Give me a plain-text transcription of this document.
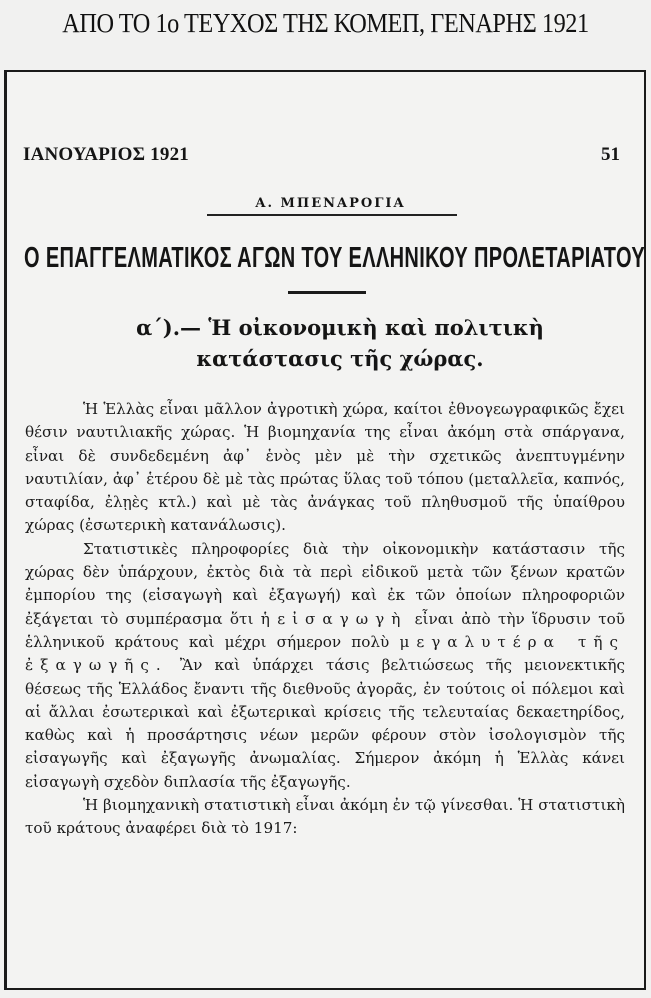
ΑΠΟ ΤΟ 1ο ΤΕΥΧΟΣ ΤΗΣ ΚΟΜΕΠ, ΓΕΝΑΡΗΣ 1921
ΙΑΝΟΥΑΡΙΟΣ 1921	51
Α. ΜΠΕΝΑΡΟΓΙΑ
Ο ΕΠΑΓΓΕΛΜΑΤΙΚΟΣ ΑΓΩΝ ΤΟΥ ΕΛΛΗΝΙΚΟΥ ΠΡΟΛΕΤΑΡΙΑΤΟΥ
α΄).— Ἡ οἰκονομικὴ καὶ πολιτικὴ
κατάστασις τῆς χώρας.

Ἡ Ἑλλὰς εἶναι μᾶλλον ἀγροτικὴ χώρα, καίτοι ἐθνογεωγραφικῶς ἔχει θέσιν ναυτιλιακῆς χώρας. Ἡ βιομηχανία της εἶναι ἀκόμη στὰ σπάργανα, εἶναι δὲ συνδεδεμένη ἀφ᾽ ἑνὸς μὲν μὲ τὴν σχετικῶς ἀνεπτυγμένην ναυτιλίαν, ἀφ᾽ ἑτέρου δὲ μὲ τὰς πρώτας ὕλας τοῦ τόπου (μεταλλεῖα, καπνός, σταφίδα, ἐλῃὲς κτλ.) καὶ μὲ τὰς ἀνάγκας τοῦ πληθυσμοῦ τῆς ὑπαίθρου χώρας (ἐσωτερικὴ κατανάλωσις).

Στατιστικὲς πληροφορίες διὰ τὴν οἰκονομικὴν κατάστασιν τῆς χώρας δὲν ὑπάρχουν, ἐκτὸς διὰ τὰ περὶ εἰδικοῦ μετὰ τῶν ξένων κρατῶν ἐμπορίου της (εἰσαγωγὴ καὶ ἐξαγωγή) καὶ ἐκ τῶν ὁποίων πληροφοριῶν ἐξάγεται τὸ συμπέρασμα ὅτι ἡ εἰσαγωγὴ εἶναι ἀπὸ τὴν ἵδρυσιν τοῦ ἑλληνικοῦ κράτους καὶ μέχρι σήμερον πολὺ μεγαλυτέρα τῆς ἐξαγωγῆς. Ἂν καὶ ὑπάρχει τάσις βελτιώσεως τῆς μειονεκτικῆς θέσεως τῆς Ἑλλάδος ἔναντι τῆς διεθνοῦς ἀγορᾶς, ἐν τούτοις οἱ πόλεμοι καὶ αἱ ἄλλαι ἐσωτερικαὶ καὶ ἐξωτερικαὶ κρίσεις τῆς τελευταίας δεκαετηρίδος, καθὼς καὶ ἡ προσάρτησις νέων μερῶν φέρουν στὸν ἰσολογισμὸν τῆς εἰσαγωγῆς καὶ ἐξαγωγῆς ἀνωμαλίας. Σήμερον ἀκόμη ἡ Ἑλλὰς κάνει εἰσαγωγὴ σχεδὸν διπλασία τῆς ἐξαγωγῆς.

Ἡ βιομηχανικὴ στατιστικὴ εἶναι ἀκόμη ἐν τῷ γίνεσθαι. Ἡ στατιστικὴ τοῦ κράτους ἀναφέρει διὰ τὸ 1917:
